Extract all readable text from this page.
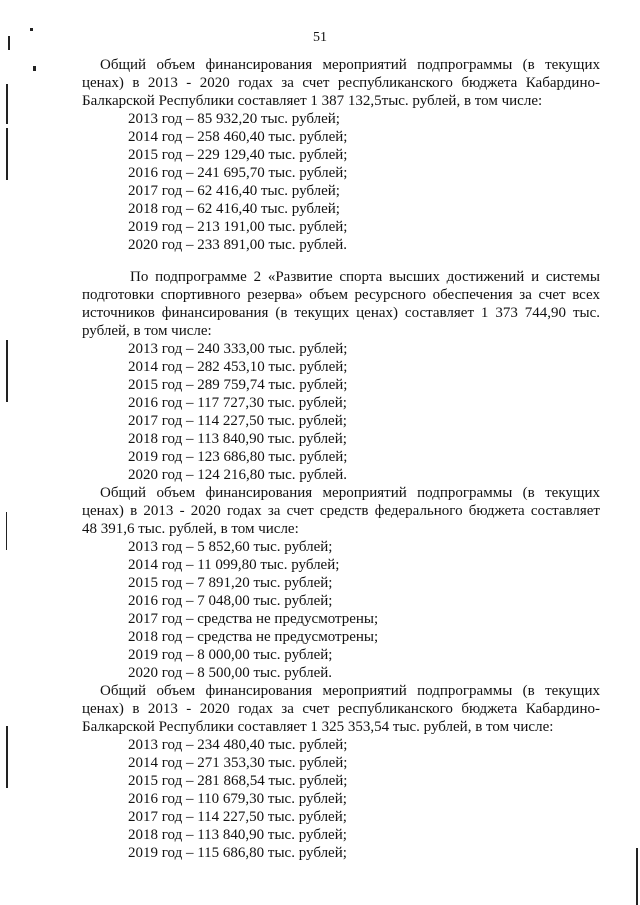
51
Общий объем финансирования мероприятий подпрограммы (в текущих
ценах) в 2013 - 2020 годах за счет республиканского бюджета Кабардино-
Балкарской Республики составляет 1 387 132,5тыс. рублей, в том числе:
2013 год – 85 932,20 тыс. рублей;
2014 год – 258 460,40 тыс. рублей;
2015 год – 229 129,40 тыс. рублей;
2016 год – 241 695,70 тыс. рублей;
2017 год – 62 416,40 тыс. рублей;
2018 год – 62 416,40 тыс. рублей;
2019 год – 213 191,00 тыс. рублей;
2020 год – 233 891,00 тыс. рублей.
По подпрограмме 2 «Развитие спорта высших достижений и системы
подготовки спортивного резерва» объем ресурсного обеспечения за счет всех
источников финансирования (в текущих ценах) составляет 1 373 744,90 тыс.
рублей, в том числе:
2013 год – 240 333,00 тыс. рублей;
2014 год – 282 453,10 тыс. рублей;
2015 год – 289 759,74 тыс. рублей;
2016 год – 117 727,30 тыс. рублей;
2017 год – 114 227,50 тыс. рублей;
2018 год – 113 840,90 тыс. рублей;
2019 год – 123 686,80 тыс. рублей;
2020 год – 124 216,80 тыс. рублей.
Общий объем финансирования мероприятий подпрограммы (в текущих
ценах) в 2013 - 2020 годах за счет средств федерального бюджета составляет
48 391,6 тыс. рублей, в том числе:
2013 год – 5 852,60 тыс. рублей;
2014 год – 11 099,80 тыс. рублей;
2015 год – 7 891,20 тыс. рублей;
2016 год – 7 048,00 тыс. рублей;
2017 год – средства не предусмотрены;
2018 год – средства не предусмотрены;
2019 год – 8 000,00 тыс. рублей;
2020 год – 8 500,00 тыс. рублей.
Общий объем финансирования мероприятий подпрограммы (в текущих
ценах) в 2013 - 2020 годах за счет республиканского бюджета Кабардино-
Балкарской Республики составляет 1 325 353,54 тыс. рублей, в том числе:
2013 год – 234 480,40 тыс. рублей;
2014 год – 271 353,30 тыс. рублей;
2015 год – 281 868,54 тыс. рублей;
2016 год – 110 679,30 тыс. рублей;
2017 год – 114 227,50 тыс. рублей;
2018 год – 113 840,90 тыс. рублей;
2019 год – 115 686,80 тыс. рублей;
